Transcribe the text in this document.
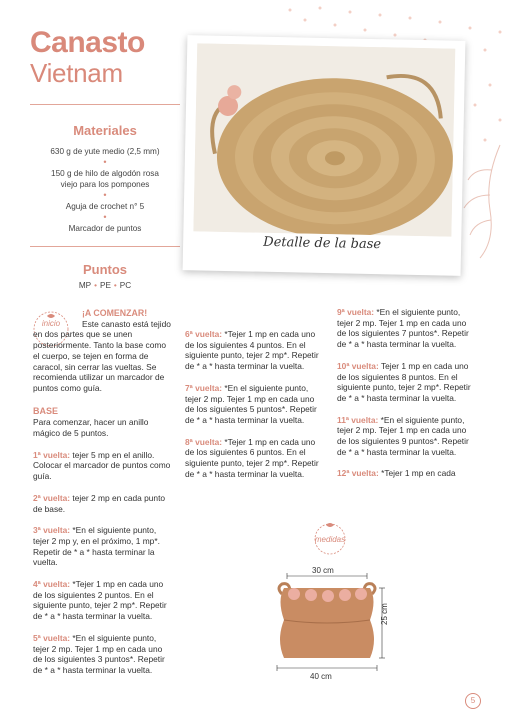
Canasto
Vietnam
Materiales
630 g de yute medio (2,5 mm)
•
150 g de hilo de algodón rosa viejo para los pompones
•
Aguja de crochet n° 5
•
Marcador de puntos
Puntos
MP • PE • PC
Detalle de la base
inicio
¡A COMENZAR!
Este canasto está tejido en dos partes que se unen posteriormente. Tanto la base como el cuerpo, se tejen en forma de caracol, sin cerrar las vueltas. Se recomienda utilizar un marcador de puntos como guía.
BASE

Para comenzar, hacer un anillo mágico de 5 puntos.

1ª vuelta: tejer 5 mp en el anillo. Colocar el marcador de puntos como guía.

2ª vuelta: tejer 2 mp en cada punto de base.

3ª vuelta: *En el siguiente punto, tejer 2 mp y, en el próximo, 1 mp*. Repetir de * a * hasta terminar la vuelta.

4ª vuelta: *Tejer 1 mp en cada uno de los siguientes 2 puntos. En el siguiente punto, tejer 2 mp*. Repetir de * a * hasta terminar la vuelta.

5ª vuelta: *En el siguiente punto, tejer 2 mp. Tejer 1 mp en cada uno de los siguientes 3 puntos*. Repetir de * a * hasta terminar la vuelta.

6ª vuelta: *Tejer 1 mp en cada uno de los siguientes 4 puntos. En el siguiente punto, tejer 2 mp*. Repetir de * a * hasta terminar la vuelta.

7ª vuelta: *En el siguiente punto, tejer 2 mp. Tejer 1 mp en cada uno de los siguientes 5 puntos*. Repetir de * a * hasta terminar la vuelta.

8ª vuelta: *Tejer 1 mp en cada uno de los siguientes 6 puntos. En el siguiente punto, tejer 2 mp*. Repetir de * a * hasta terminar la vuelta.

9ª vuelta: *En el siguiente punto, tejer 2 mp. Tejer 1 mp en cada uno de los siguientes 7 puntos*. Repetir de * a * hasta terminar la vuelta.

10ª vuelta: Tejer 1 mp en cada uno de los siguientes 8 puntos. En el siguiente punto, tejer 2 mp*. Repetir de * a * hasta terminar la vuelta.

11ª vuelta: *En el siguiente punto, tejer 2 mp. Tejer 1 mp en cada uno de los siguientes 9 puntos*. Repetir de * a * hasta terminar la vuelta.

12ª vuelta: *Tejer 1 mp en cada

medidas
30 cm
25 cm
40 cm
5
